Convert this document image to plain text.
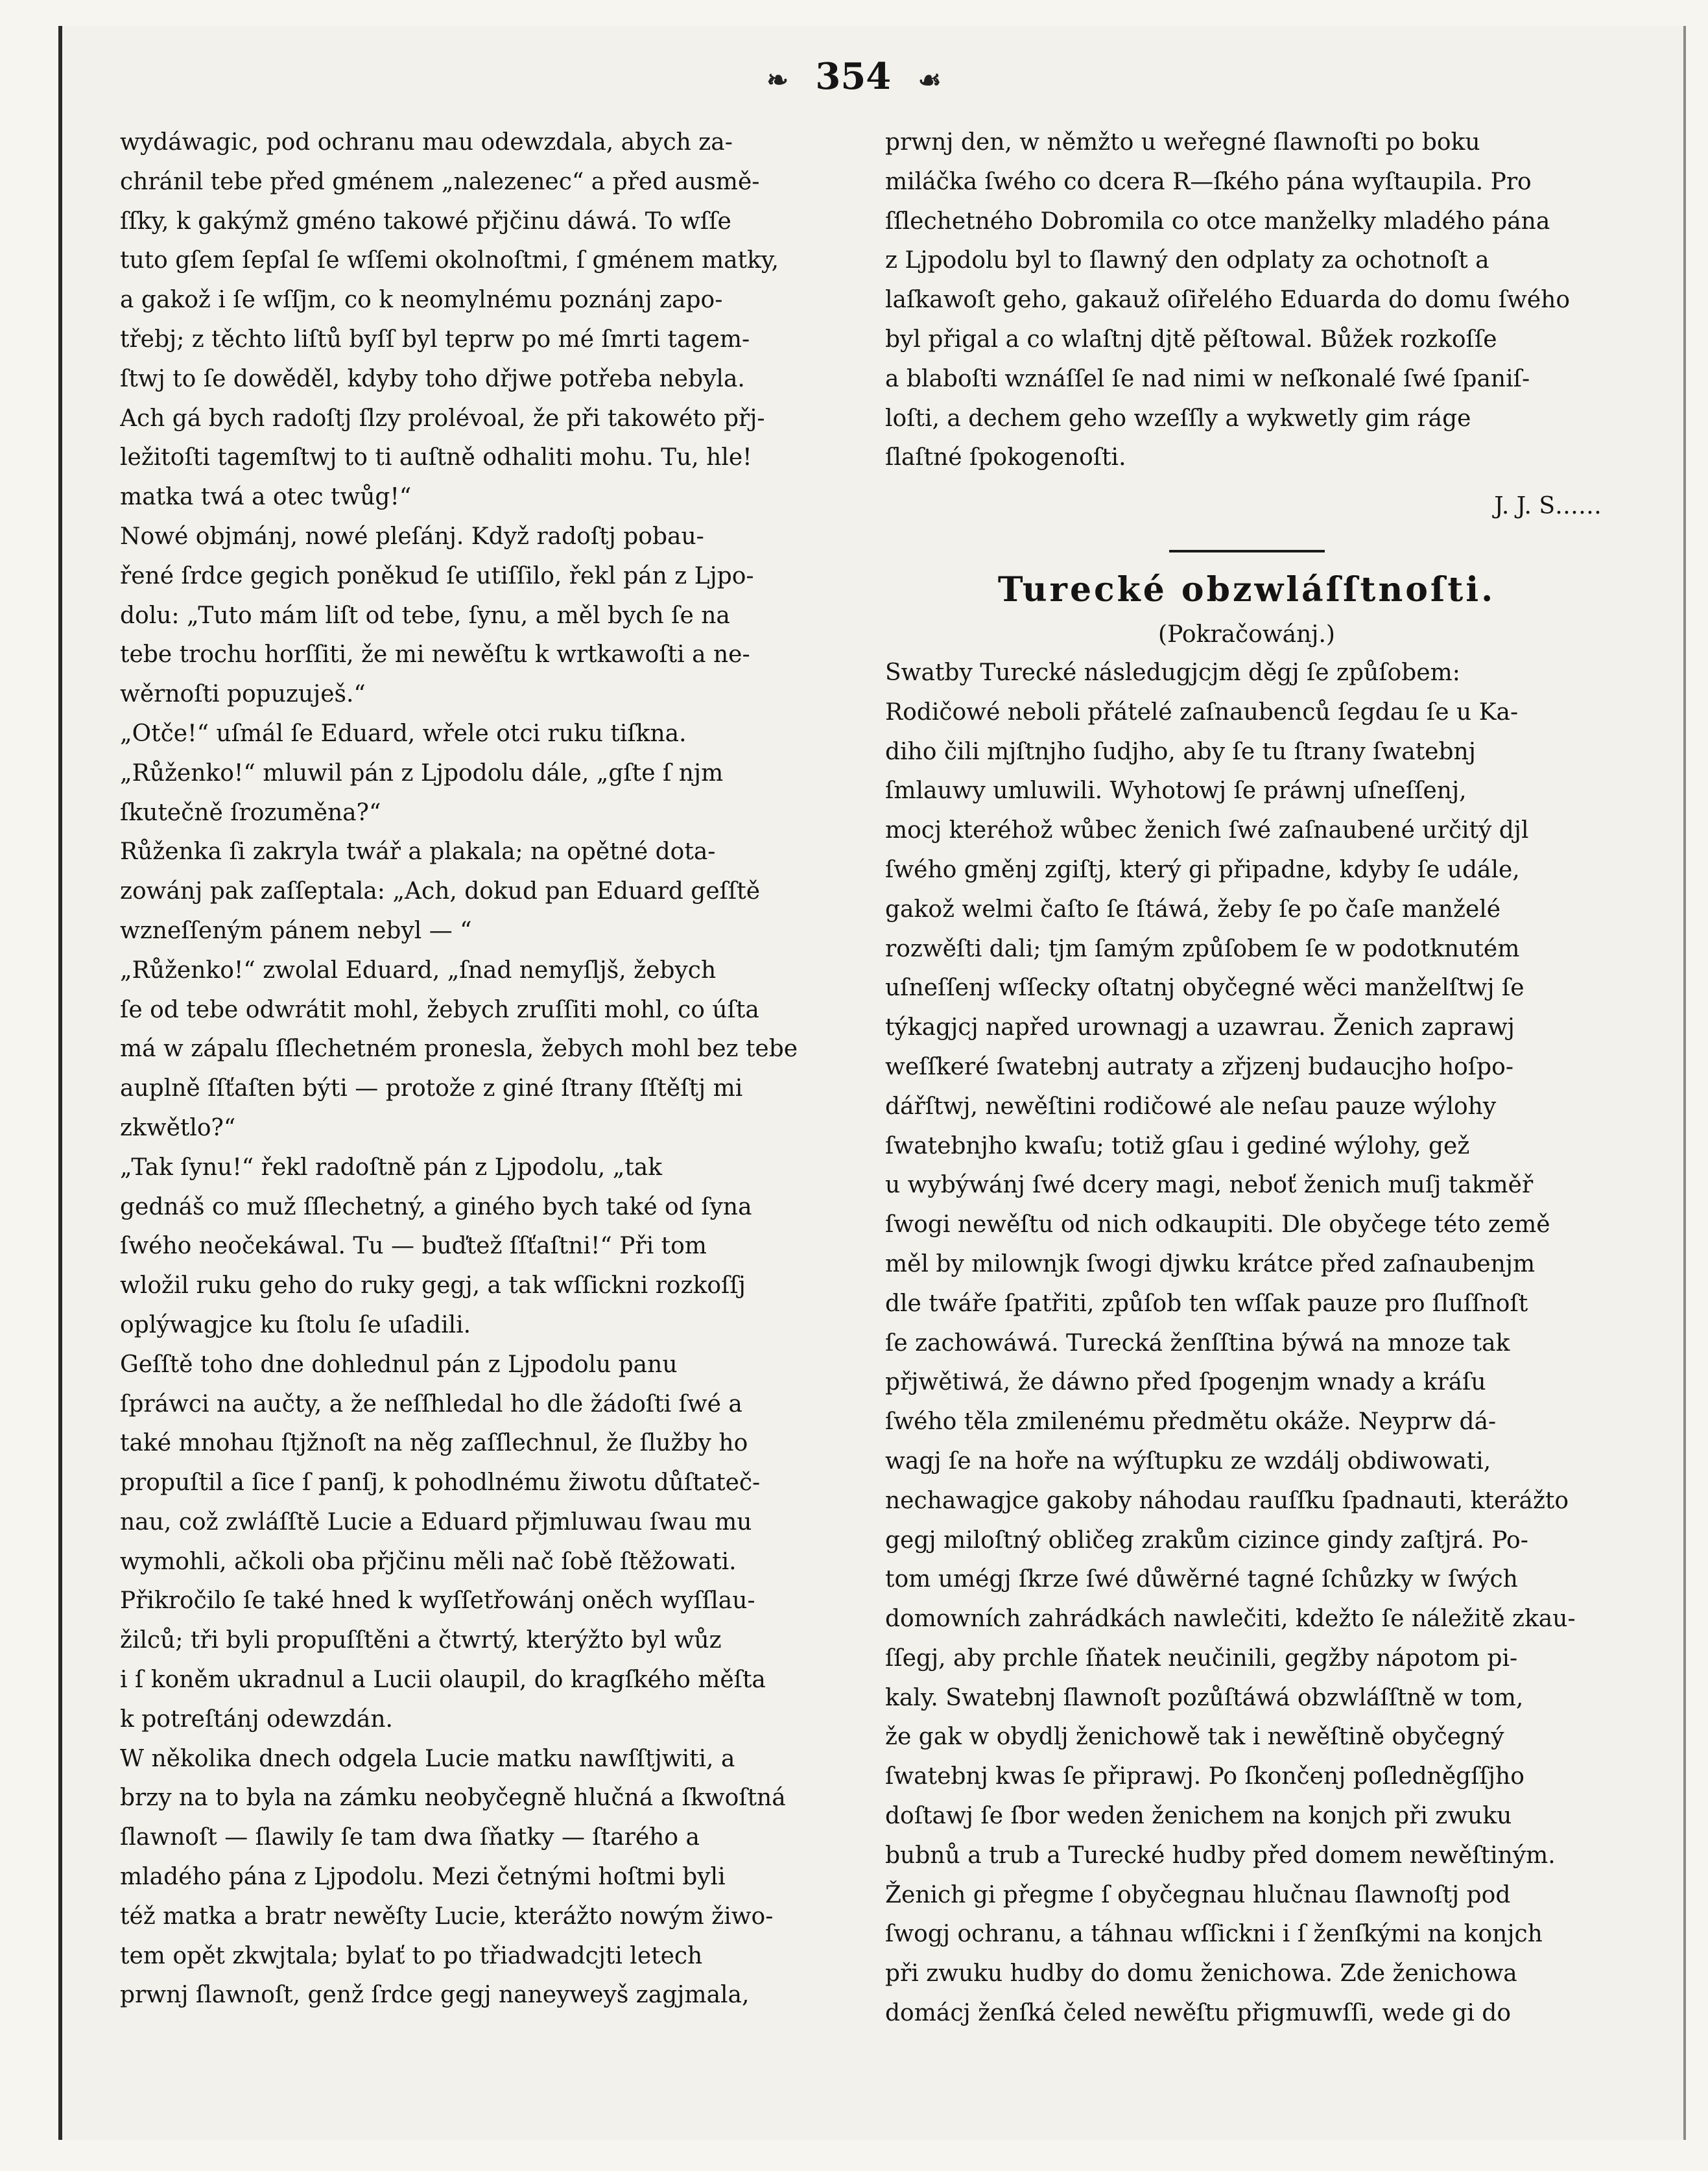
❧ 354 ☙
wydáwagic, pod ochranu mau odewzdala, abych za-
chránil tebe před gménem „nalezenec“ a před ausmě-
ſſky, k gakýmž gméno takowé přjčinu dáwá. To wſſe
tuto gſem ſepſal ſe wſſemi okolnoſtmi, ſ gménem matky,
a gakož i ſe wſſjm, co k neomylnému poznánj zapo-
třebj; z těchto liſtů byſſ byl teprw po mé ſmrti tagem-
ſtwj to ſe dowěděl, kdyby toho dřjwe potřeba nebyla.
Ach gá bych radoſtj ſlzy prolévoal, že při takowéto přj-
ležitoſti tagemſtwj to ti auſtně odhaliti mohu. Tu, hle!
matka twá a otec twůg!“
Nowé objmánj, nowé pleſánj. Když radoſtj pobau-
řené ſrdce gegich poněkud ſe utiſſilo, řekl pán z Ljpo-
dolu: „Tuto mám liſt od tebe, ſynu, a měl bych ſe na
tebe trochu horſſiti, že mi newěſtu k wrtkawoſti a ne-
wěrnoſti popuzuješ.“
„Otče!“ uſmál ſe Eduard, wřele otci ruku tiſkna.
„Růženko!“ mluwil pán z Ljpodolu dále, „gſte ſ njm
ſkutečně ſrozuměna?“
Růženka ſi zakryla twář a plakala; na opětné dota-
zowánj pak zaſſeptala: „Ach, dokud pan Eduard geſſtě
wzneſſeným pánem nebyl — “
„Růženko!“ zwolal Eduard, „ſnad nemyſljš, žebych
ſe od tebe odwrátit mohl, žebych zruſſiti mohl, co úſta
má w zápalu ſſlechetném pronesla, žebych mohl bez tebe
auplně ſſťaſten býti — protože z giné ſtrany ſſtěſtj mi
zkwětlo?“
„Tak ſynu!“ řekl radoſtně pán z Ljpodolu, „tak
gednáš co muž ſſlechetný, a giného bych také od ſyna
ſwého neočekáwal. Tu — buďtež ſſťaſtni!“ Při tom
wložil ruku geho do ruky gegj, a tak wſſickni rozkoſſj
oplýwagjce ku ſtolu ſe uſadili.
Geſſtě toho dne dohlednul pán z Ljpodolu panu
ſpráwci na aučty, a že neſſhledal ho dle žádoſti ſwé a
také mnohau ſtjžnoſt na něg zaſſlechnul, že ſlužby ho
propuſtil a ſice ſ panſj, k pohodlnému žiwotu důſtateč-
nau, což zwláſſtě Lucie a Eduard přjmluwau ſwau mu
wymohli, ačkoli oba přjčinu měli nač ſobě ſtěžowati.
Přikročilo ſe také hned k wyſſetřowánj oněch wyſſlau-
žilců; tři byli propuſſtěni a čtwrtý, kterýžto byl wůz
i ſ koněm ukradnul a Lucii olaupil, do kragſkého měſta
k potreſtánj odewzdán.
W několika dnech odgela Lucie matku nawſſtjwiti, a
brzy na to byla na zámku neobyčegně hlučná a ſkwoſtná
ſlawnoſt — ſlawily ſe tam dwa ſňatky — ſtarého a
mladého pána z Ljpodolu. Mezi četnými hoſtmi byli
též matka a bratr newěſty Lucie, kterážto nowým žiwo-
tem opět zkwjtala; bylať to po třiadwadcjti letech
prwnj ſlawnoſt, genž ſrdce gegj naneyweyš zagjmala,
prwnj den, w němžto u weřegné ſlawnoſti po boku
miláčka ſwého co dcera R—ſkého pána wyſtaupila. Pro
ſſlechetného Dobromila co otce manželky mladého pána
z Ljpodolu byl to ſlawný den odplaty za ochotnoſt a
laſkawoſt geho, gakauž oſiřelého Eduarda do domu ſwého
byl přigal a co wlaſtnj djtě pěſtowal. Bůžek rozkoſſe
a blaboſti wznáſſel ſe nad nimi w neſkonalé ſwé ſpaniſ-
loſti, a dechem geho wzeſſly a wykwetly gim ráge
ſlaſtné ſpokogenoſti.
J. J. S……
Turecké obzwláſſtnoſti.
(Pokračowánj.)
Swatby Turecké následugjcjm děgj ſe způſobem:
Rodičowé neboli přátelé zaſnaubenců ſegdau ſe u Ka-
diho čili mjſtnjho ſudjho, aby ſe tu ſtrany ſwatebnj
ſmlauwy umluwili. Wyhotowj ſe práwnj uſneſſenj,
mocj kteréhož wůbec ženich ſwé zaſnaubené určitý djl
ſwého gměnj zgiſtj, který gi připadne, kdyby ſe udále,
gakož welmi čaſto ſe ſtáwá, žeby ſe po čaſe manželé
rozwěſti dali; tjm ſamým způſobem ſe w podotknutém
uſneſſenj wſſecky oſtatnj obyčegné wěci manželſtwj ſe
týkagjcj napřed urownagj a uzawrau. Ženich zaprawj
weſſkeré ſwatebnj autraty a zřjzenj budaucjho hoſpo-
dářſtwj, newěſtini rodičowé ale neſau pauze wýlohy
ſwatebnjho kwaſu; totiž gſau i gediné wýlohy, gež
u wybýwánj ſwé dcery magi, neboť ženich muſj takměř
ſwogi newěſtu od nich odkaupiti. Dle obyčege této země
měl by milownjk ſwogi djwku krátce před zaſnaubenjm
dle twáře ſpatřiti, způſob ten wſſak pauze pro ſluſſnoſt
ſe zachowáwá. Turecká ženſſtina býwá na mnoze tak
přjwětiwá, že dáwno před ſpogenjm wnady a kráſu
ſwého těla zmilenému předmětu okáže. Neyprw dá-
wagj ſe na hoře na wýſtupku ze wzdálj obdiwowati,
nechawagjce gakoby náhodau rauſſku ſpadnauti, kterážto
gegj miloſtný obličeg zrakům cizince gindy zaſtjrá. Po-
tom umégj ſkrze ſwé důwěrné tagné ſchůzky w ſwých
domowních zahrádkách nawlečiti, kdežto ſe náležitě zkau-
ſſegj, aby prchle ſňatek neučinili, gegžby nápotom pi-
kaly. Swatebnj ſlawnoſt pozůſtáwá obzwláſſtně w tom,
že gak w obydlj ženichowě tak i newěſtině obyčegný
ſwatebnj kwas ſe připrawj. Po ſkončenj poſledněgſſjho
doſtawj ſe ſbor weden ženichem na konjch při zwuku
bubnů a trub a Turecké hudby před domem newěſtiným.
Ženich gi přegme ſ obyčegnau hlučnau ſlawnoſtj pod
ſwogj ochranu, a táhnau wſſickni i ſ ženſkými na konjch
při zwuku hudby do domu ženichowa. Zde ženichowa
domácj ženſká čeled newěſtu přigmuwſſi, wede gi do
